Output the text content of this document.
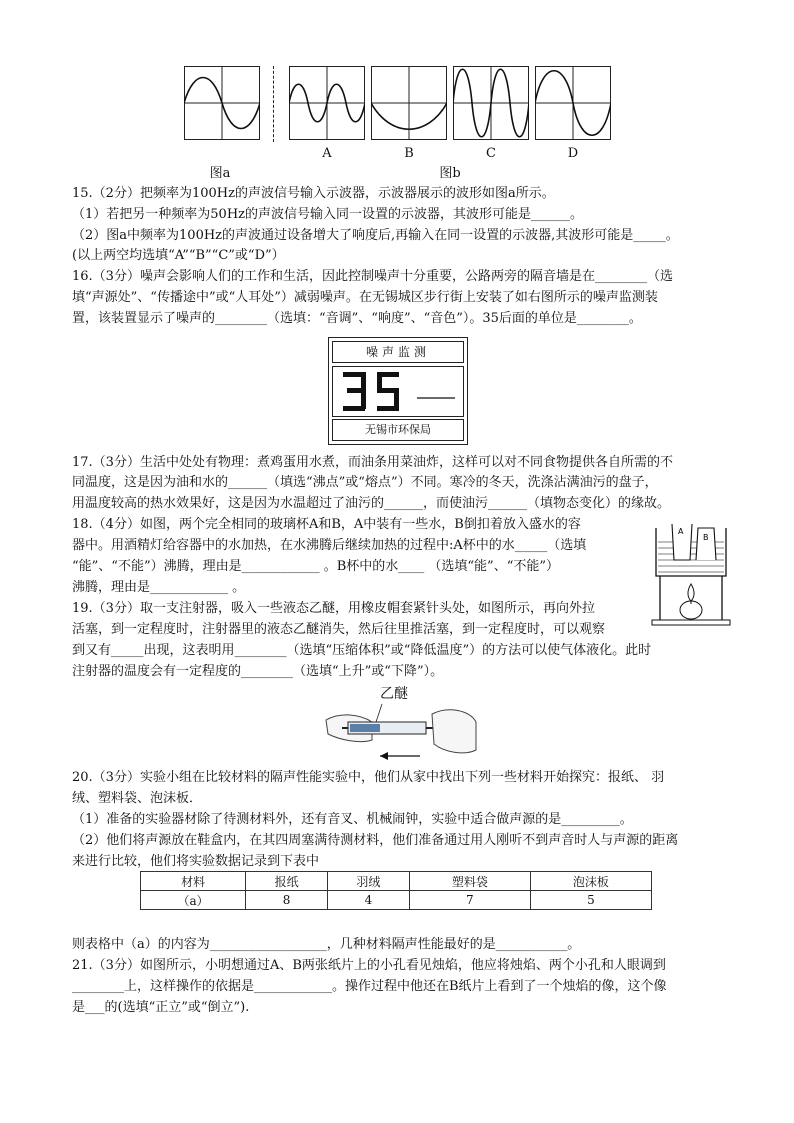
A	B	C	D
图a	图b
15.（2分）把频率为100Hz的声波信号输入示波器，示波器展示的波形如图a所示。
（1）若把另一种频率为50Hz的声波信号输入同一设置的示波器，其波形可能是______。
（2）图a中频率为100Hz的声波通过设备增大了响度后,再输入在同一设置的示波器,其波形可能是_____。
(以上两空均选填“A”“B”“C”或“D”）
16.（3分）噪声会影响人们的工作和生活，因此控制噪声十分重要，公路两旁的隔音墙是在________（选
填“声源处”、“传播途中”或“人耳处”）减弱噪声。在无锡城区步行街上安装了如右图所示的噪声监测装
置，该装置显示了噪声的________（选填：“音调”、“响度”、“音色”）。35后面的单位是________。
噪声监测
无锡市环保局
17.（3分）生活中处处有物理：煮鸡蛋用水煮，而油条用菜油炸，这样可以对不同食物提供各自所需的不
同温度，这是因为油和水的______（填选“沸点”或“熔点”）不同。寒冷的冬天，洗涤沾满油污的盘子，
用温度较高的热水效果好，这是因为水温超过了油污的______，而使油污______（填物态变化）的缘故。
18.（4分）如图，两个完全相同的玻璃杯A和B，A中装有一些水，B倒扣着放入盛水的容
器中。用酒精灯给容器中的水加热，在水沸腾后继续加热的过程中:A杯中的水_____（选填
“能”、“不能”）沸腾，理由是____________ 。B杯中的水____ （选填“能”、“不能”）
沸腾，理由是____________ 。
A
B
19.（3分）取一支注射器，吸入一些液态乙醚，用橡皮帽套紧针头处，如图所示，再向外拉
活塞，到一定程度时，注射器里的液态乙醚消失，然后往里推活塞，到一定程度时，可以观察
到又有_____出现，这表明用________（选填“压缩体积”或“降低温度”）的方法可以使气体液化。此时
注射器的温度会有一定程度的________（选填“上升”或“下降”）。
乙醚
20.（3分）实验小组在比较材料的隔声性能实验中，他们从家中找出下列一些材料开始探究：报纸、 羽
绒、塑料袋、泡沫板．
（1）准备的实验器材除了待测材料外，还有音叉、机械闹钟，实验中适合做声源的是_________。
（2）他们将声源放在鞋盒内，在其四周塞满待测材料，他们准备通过用人刚听不到声音时人与声源的距离
来进行比较，他们将实验数据记录到下表中
材料	报纸	羽绒	塑料袋	泡沫板
（a）	8	4	7	5
则表格中（a）的内容为__________________，几种材料隔声性能最好的是___________。
21.（3分）如图所示，小明想通过A、B两张纸片上的小孔看见烛焰，他应将烛焰、两个小孔和人眼调到
________上，这样操作的依据是____________。操作过程中他还在B纸片上看到了一个烛焰的像，这个像
是___的(选填“正立”或“倒立”).
